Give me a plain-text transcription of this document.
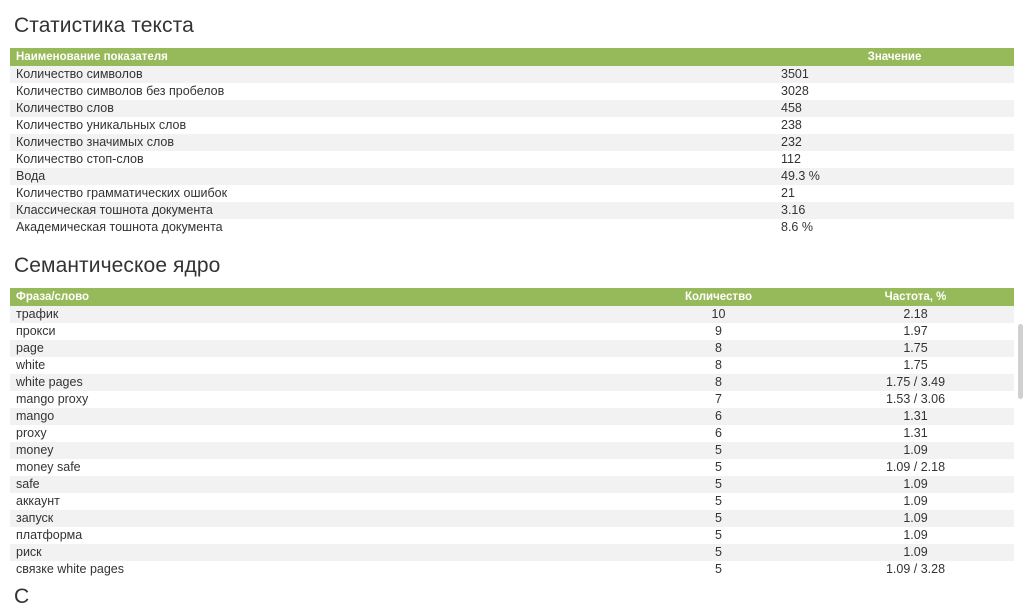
Статистика текста
Наименование показателя	Значение
Количество символов	3501
Количество символов без пробелов	3028
Количество слов	458
Количество уникальных слов	238
Количество значимых слов	232
Количество стоп-слов	112
Вода	49.3 %
Количество грамматических ошибок	21
Классическая тошнота документа	3.16
Академическая тошнота документа	8.6 %
Семантическое ядро
Фраза/слово	Количество	Частота, %
трафик	10	2.18
прокси	9	1.97
page	8	1.75
white	8	1.75
white pages	8	1.75 / 3.49
mango proxy	7	1.53 / 3.06
mango	6	1.31
proxy	6	1.31
money	5	1.09
money safe	5	1.09 / 2.18
safe	5	1.09
аккаунт	5	1.09
запуск	5	1.09
платформа	5	1.09
риск	5	1.09
связке white pages	5	1.09 / 3.28
С
